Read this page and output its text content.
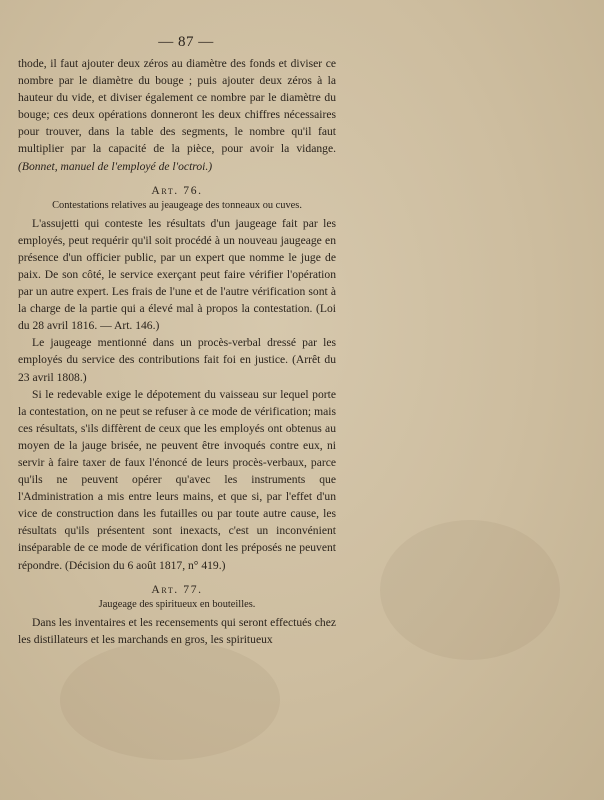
— 87 —

thode, il faut ajouter deux zéros au diamètre des fonds et diviser ce nombre par le diamètre du bouge ; puis ajouter deux zéros à la hauteur du vide, et diviser également ce nombre par le diamètre du bouge; ces deux opérations donneront les deux chiffres nécessaires pour trouver, dans la table des segments, le nombre qu'il faut multiplier par la capacité de la pièce, pour avoir la vidange. (Bonnet, manuel de l'employé de l'octroi.)

Art. 76.
Contestations relatives au jeaugeage des tonneaux ou cuves.

L'assujetti qui conteste les résultats d'un jaugeage fait par les employés, peut requérir qu'il soit procédé à un nouveau jaugeage en présence d'un officier public, par un expert que nomme le juge de paix. De son côté, le service exerçant peut faire vérifier l'opération par un autre expert. Les frais de l'une et de l'autre vérification sont à la charge de la partie qui a élevé mal à propos la contestation. (Loi du 28 avril 1816. — Art. 146.)

Le jaugeage mentionné dans un procès-verbal dressé par les employés du service des contributions fait foi en justice. (Arrêt du 23 avril 1808.)

Si le redevable exige le dépotement du vaisseau sur lequel porte la contestation, on ne peut se refuser à ce mode de vérification; mais ces résultats, s'ils diffèrent de ceux que les employés ont obtenus au moyen de la jauge brisée, ne peuvent être invoqués contre eux, ni servir à faire taxer de faux l'énoncé de leurs procès-verbaux, parce qu'ils ne peuvent opérer qu'avec les instruments que l'Administration a mis entre leurs mains, et que si, par l'effet d'un vice de construction dans les futailles ou par toute autre cause, les résultats qu'ils présentent sont inexacts, c'est un inconvénient inséparable de ce mode de vérification dont les préposés ne peuvent répondre. (Décision du 6 août 1817, n° 419.)

Art. 77.
Jaugeage des spiritueux en bouteilles.

Dans les inventaires et les recensements qui seront effectués chez les distillateurs et les marchands en gros, les spiritueux
